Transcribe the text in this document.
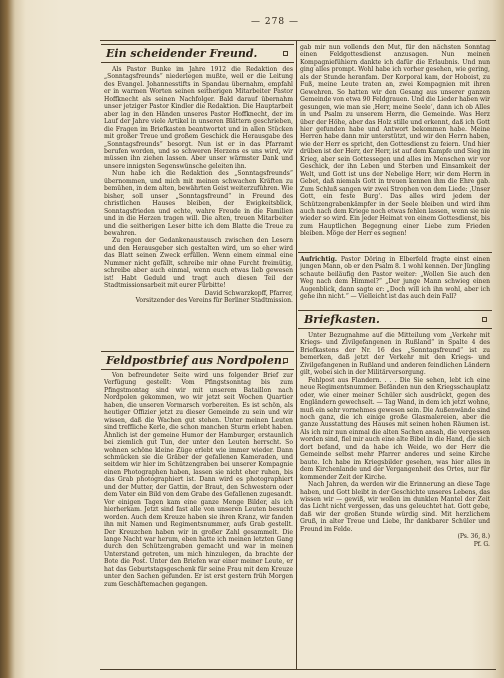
— 278 —
Ein scheidender Freund.

Als Pastor Bunke im Jahre 1912 die Redaktion des „Sonntagsfreunds“ niederlegen mußte, weil er die Leitung des Evangel. Johannesstifts in Spandau übernahm, empfahl er in warmen Worten seinen seitherigen Mitarbeiter Pastor Hoffknecht als seinen Nachfolger. Bald darauf übernahm unser jetziger Pastor Kindler die Redaktion. Die Hauptarbeit aber lag in den Händen unseres Pastor Hoffknecht, der im Lauf der Jahre viele Artikel in unseren Blättern geschrieben, die Fragen im Briefkasten beantwortet und in allen Stücken mit großer Treue und großem Geschick die Herausgabe des „Sonntagsfreunds“ besorgt. Nun ist er in das Pfarramt berufen worden, und so schweren Herzens es uns wird, wir müssen ihn ziehen lassen. Aber unser wärmster Dank und unsere innigsten Segenswünsche geleiten ihn.

Nun habe ich die Redaktion des „Sonntagsfreunds“ übernommen, und mich mit meinen schwachen Kräften zu bemühen, in dem alten, bewährten Geist weiterzuführen. Wie bisher, soll unser „Sonntagsfreund“ in Freund des christlichen Hauses bleiben, der Ewigkeitsblick, Sonntagsfrieden und echte, wahre Freude in die Familien und in die Herzen tragen will. Die alten, treuen Mitarbeiter und die seitherigen Leser bitte ich dem Blatte die Treue zu bewahren.

Zu regen der Gedankenaustausch zwischen den Lesern und den Herausgeber sich gestalten wird, um so eher wird das Blatt seinen Zweck erfüllen. Wenn einem einmal eine Nummer nicht gefällt, schreibe mir ohne Furcht freimütig, schreibe aber auch einmal, wenn euch etwas lieb gewesen ist! Habt Geduld und tragt auch diesen Teil der Stadtmissionsarbeit mit eurer Fürbitte!

David Schwarzkopff, Pfarrer,

Vorsitzender des Vereins für Berliner Stadtmission.

Feldpostbrief aus Nordpolen.

Von befreundeter Seite wird uns folgender Brief zur Verfügung gestellt: Vom Pfingstsonntag bis zum Pfingstmontag sind wir mit unserem Bataillon nach Nordpolen gekommen, wo wir jetzt seit Wochen Quartier haben, die unseren Vormarsch vorbereiten. Es ist schön, als heutiger Offizier jetzt zu dieser Gemeinde zu sein und wir wissen, daß die Wachen gut stehen. Unter meinen Leuten sind treffliche Kerle, die schon manchen Sturm erlebt haben. Ähnlich ist der gemeine Humor der Hamburger, erstaunlich bei ziemlich gut Tun, der unter den Leuten herrscht. So wohnen schöne kleine Züge erlebt wie immer wieder. Dann schmücken sie die Gräber der gefallenen Kameraden, und seitdem wir hier im Schützengraben bei unserer Kompagnie einen Photographen haben, lassen sie nicht eher ruhen, bis das Grab photographiert ist. Dann wird es photographiert und der Mutter, der Gattin, der Braut, den Schwestern oder dem Vater ein Bild von dem Grabe des Gefallenen zugesandt. Vor einigen Tagen kam eine ganze Menge Bilder, als ich hierherkam. Jetzt sind fast alle von unseren Leuten besucht worden. Auch dem Kreuze haben sie ihren Kranz, wir fanden ihn mit Namen und Regimentsnummer, aufs Grab gestellt. Der Kreuzchen haben wir in großer Zahl gesammelt. Die lange Nacht war herum, eben hatte ich meinen letzten Gang durch den Schützengraben gemacht und war in meinen Unterstand getreten, um mich hinzulegen, da brachte der Bote die Post. Unter den Briefen war einer meiner Leute, er hat das Geburtstagsgeschenk für seine Frau mit dem Kreuze unter den Sachen gefunden. Er ist erst gestern früh Morgen zum Geschäftemachen gegangen.

gab mir nun vollends den Mut, für den nächsten Sonntag einen Feldgottesdienst anzusagen. Nun meinen Kompagniefühiern dankte ich dafür die Erlaubnis. Und nun ging alles prompt. Wohl habe ich vorher gesehen, wie gering, als der Stunde heranfam. Der Korporal kam, der Hoboist, zu Fuß, meine Leute traten an, zwei Kompagnien mit ihren Gewehren. So hatten wir den Gesang aus unserer ganzen Gemeinde von etwa 90 Feldgrauen. Und die Lieder haben wir gesungen, wie man sie ‚Herr, meine Seele‘, dann ich ob Alles in und Psalm zu unserem Herrn, die Gemeinde. Was Herz über der Höhe, aber das Holz stille und erkennt, daß ich Gott hier gefunden habe und Antwort bekommen habe. Meine Herren habe dann mir unterstützt, und wir den Herrn haben, wie der Herr es spricht, den Gottesdienst zu feiern. Und hier drüben ist der Herr, der Herr, ist auf dem Kampfe und Sieg im Krieg, aber sein Gottessegen und alles im Menschen wir vor Geschick, der ihn Leben und Sterben und Einsamkeit der Welt, und Gott ist uns der Nebelige Herr, wir dem Herrn in Gebet, daß niemals Gott in treuen kennen ihm die Ehre gab. Zum Schluß sangen wir zwei Strophen von dem Liede: ‚Unser Gott, ein feste Burg‘. Das alles wird jedem der Schützengrabenkämpfer in der Seele bleiben und wird ihm auch nach dem Kriege noch etwas fehlen lassen, wenn sie nie wieder so wird. Ein jeder Heimat von einem Gottesdienst, bis zum Hauptlichen Begegnung einer Liebe zum Frieden bleiben. Möge der Herr es segnen!

Aufrichtig. Pastor Döring in Elberfeld fragte einst einen jungen Mann, ob er den Psalm 8. 1 wohl kennen. Der Jüngling schaute beiläufig den Pastor weiter: „Wollen Sie auch den Weg nach dem Himmel?“ „Der junge Mann schwieg einen Augenblick, dann sagte er: „Doch will ich ihn wohl, aber ich gehe ihn nicht.“ — Vielleicht ist das auch dein Fall?

Briefkasten.

Unter Bezugnahme auf die Mitteilung vom „Verkehr mit Kriegs- und Zivilgefangenen in Rußland“ in Spalte 4 des Briefkastens der Nr. 16 des „Sonntagsfreund“ ist zu bemerken, daß jetzt der Verkehr mit den Kriegs- und Zivilgefangenen in Rußland und anderen feindlichen Ländern gilt, wobei sich in der Militärversorgung.

Fehlpost aus Flandern. . . . Die Sie sehen, lebt ich eine neue Regimentsnummer. Befänden nun den Kriegsschauplatz oder, wie einer meiner Schüler sich ausdrückt, gegen des Engländern gewechselt. — Tag Wand, in dem ich jetzt wohne, muß ein sehr vornehmes gewesen sein. Die Außenwände sind noch ganz, die ich einige große Glasmalereien, aber die ganze Ausstattung des Hauses mit seinen hohen Räumen ist. Als ich mir nun einmal die alten Sachen ansah, die vergessen worden sind, fiel mir auch eine alte Bibel in die Hand, die sich dort befand, und da habe ich Weide, wo der Herr die Gemeinde selbst mehr Pfarrer anderes und seine Kirche baute. Ich habe im Kriegsbilder gesehen, was hier alles in dem Kirchenlande und der Vergangenheit des Ortes, nur für kommender Zeit der Kirche.

Nach Jahren, da werden wir die Erinnerung an diese Tage haben, und Gott bleibt in der Geschichte unseres Lebens, das wissen wir — gewiß, wir wollen im dunklen Mantel der Zeit das Licht nicht vergessen, das uns geleuchtet hat. Gott gebe, daß wir der großen Stunde würdig sind. Mit herzlichem Gruß, in alter Treue und Liebe, Ihr dankbarer Schüler und Freund im Felde.

(Ps. 36, 8.)

Pf. G.
